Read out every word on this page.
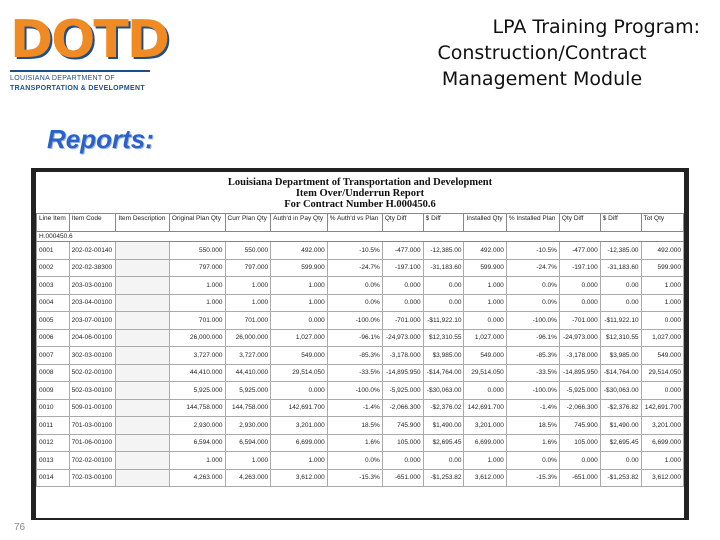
DOTD
LOUISIANA DEPARTMENT OF
TRANSPORTATION & DEVELOPMENT
LPA Training Program:
Construction/Contract
Management Module
Reports:
Louisiana Department of Transportation and Development
Item Over/Underrun Report
For Contract Number H.000450.6
Line Item	Item Code	Item Description	Original Plan Qty	Curr Plan Qty	Auth'd in Pay Qty	% Auth'd vs Plan	Qty Diff	$ Diff	Installed Qty	% Installed Plan	Qty Diff	$ Diff	Tot Qty
H.000450.6													
0001	202-02-00140		550.000	550.000	492.000	-10.5%	-477.000	-12,385.00	492.000	-10.5%	-477.000	-12,385.00	492.000
0002	202-02-38300		797.000	797.000	599.900	-24.7%	-197.100	-31,183.60	599.900	-24.7%	-197.100	-31,183.60	599.900
0003	203-03-00100		1.000	1.000	1.000	0.0%	0.000	0.00	1.000	0.0%	0.000	0.00	1.000
0004	203-04-00100		1.000	1.000	1.000	0.0%	0.000	0.00	1.000	0.0%	0.000	0.00	1.000
0005	203-07-00100		701.000	701.000	0.000	-100.0%	-701.000	-$11,922.10	0.000	-100.0%	-701.000	-$11,922.10	0.000
0006	204-06-00100		26,000.000	26,000.000	1,027.000	-96.1%	-24,973.000	$12,310.55	1,027.000	-96.1%	-24,973.000	$12,310.55	1,027.000
0007	302-03-00100		3,727.000	3,727.000	549.000	-85.3%	-3,178.000	$3,985.00	549.000	-85.3%	-3,178.000	$3,985.00	549.000
0008	502-02-00100		44,410.000	44,410.000	29,514.050	-33.5%	-14,895.950	-$14,764.00	29,514.050	-33.5%	-14,895.950	-$14,764.00	29,514.050
0009	502-03-00100		5,925.000	5,925.000	0.000	-100.0%	-5,925.000	-$30,063.00	0.000	-100.0%	-5,925.000	-$30,063.00	0.000
0010	509-01-00100		144,758.000	144,758.000	142,691.700	-1.4%	-2,066.300	-$2,376.02	142,691.700	-1.4%	-2,066.300	-$2,376.82	142,691.700
0011	701-03-00100		2,930.000	2,930.000	3,201.000	18.5%	745.900	$1,490.00	3,201.000	18.5%	745.900	$1,490.00	3,201.000
0012	701-06-00100		6,594.000	6,594.000	6,699.000	1.6%	105.000	$2,695.45	6,699.000	1.6%	105.000	$2,695.45	6,699.000
0013	702-02-00100		1.000	1.000	1.000	0.0%	0.000	0.00	1.000	0.0%	0.000	0.00	1.000
0014	702-03-00100		4,263.000	4,263.000	3,612.000	-15.3%	-651.000	-$1,253.82	3,612.000	-15.3%	-651.000	-$1,253.82	3,612.000
76
